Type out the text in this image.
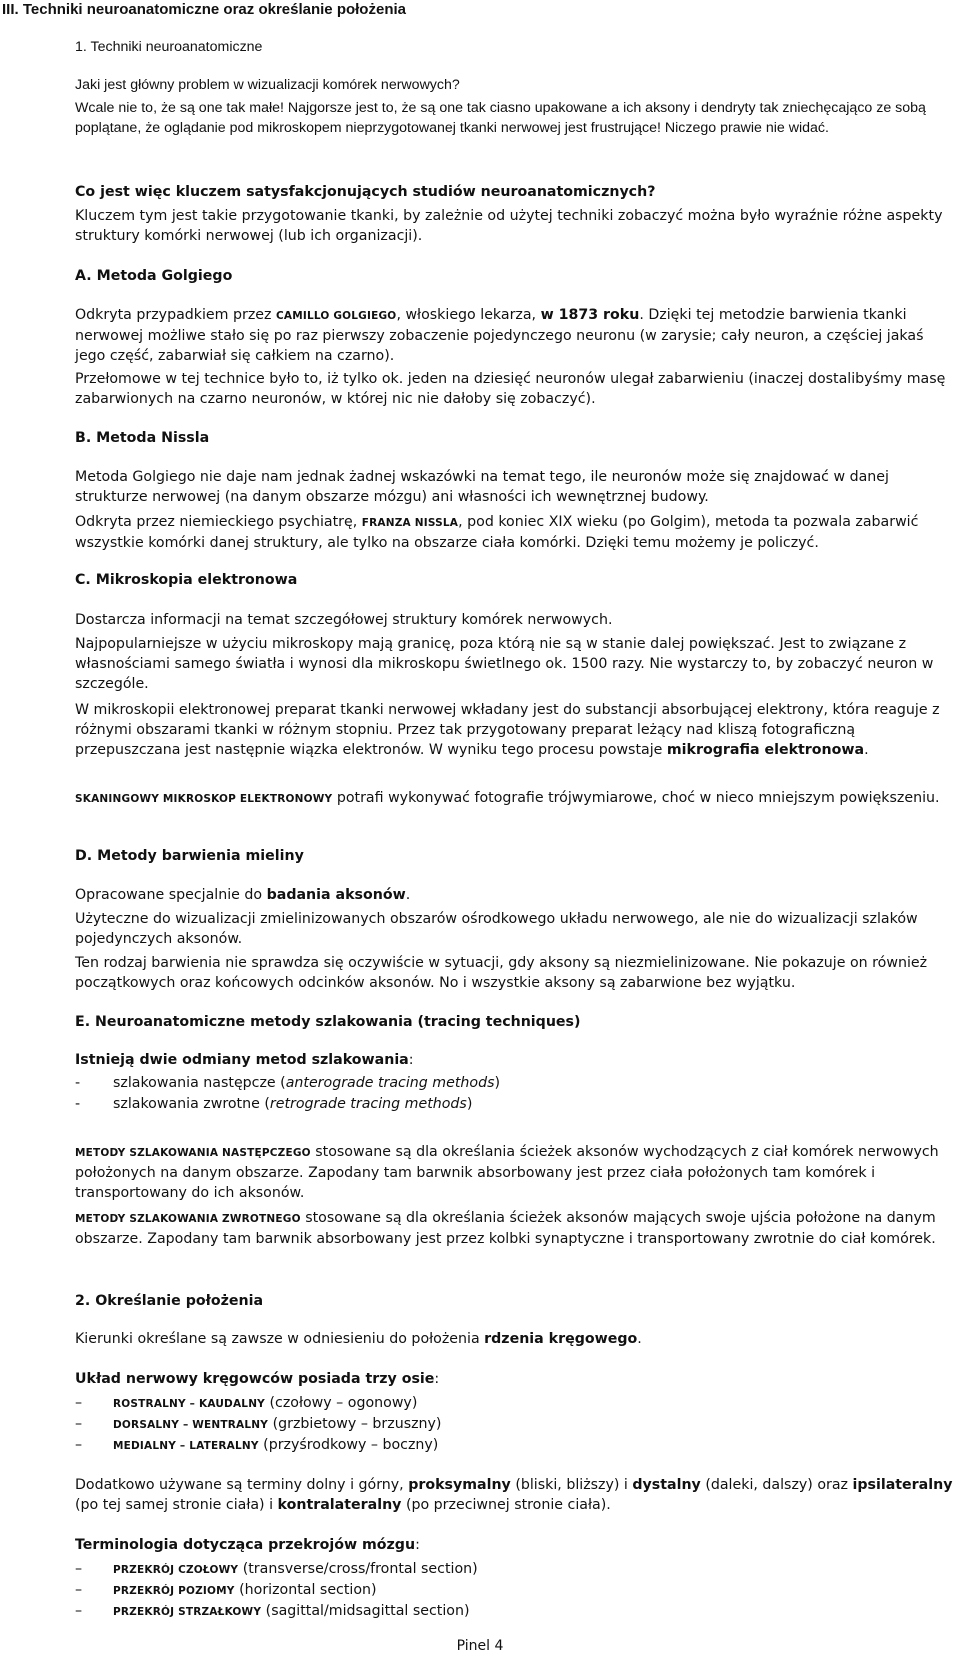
III. Techniki neuroanatomiczne oraz określanie położenia

1. Techniki neuroanatomiczne

Jaki jest główny problem w wizualizacji komórek nerwowych?

Wcale nie to, że są one tak małe! Najgorsze jest to, że są one tak ciasno upakowane a ich aksony i dendryty tak zniechęcająco ze sobą poplątane, że oglądanie pod mikroskopem nieprzygotowanej tkanki nerwowej jest frustrujące! Niczego prawie nie widać.

Co jest więc kluczem satysfakcjonujących studiów neuroanatomicznych?

Kluczem tym jest takie przygotowanie tkanki, by zależnie od użytej techniki zobaczyć można było wyraźnie różne aspekty struktury komórki nerwowej (lub ich organizacji).

A. Metoda Golgiego

Odkryta przypadkiem przez CAMILLO GOLGIEGO, włoskiego lekarza, w 1873 roku. Dzięki tej metodzie barwienia tkanki nerwowej możliwe stało się po raz pierwszy zobaczenie pojedynczego neuronu (w zarysie; cały neuron, a częściej jakaś jego część, zabarwiał się całkiem na czarno).

Przełomowe w tej technice było to, iż tylko ok. jeden na dziesięć neuronów ulegał zabarwieniu (inaczej dostalibyśmy masę zabarwionych na czarno neuronów, w której nic nie dałoby się zobaczyć).

B. Metoda Nissla

Metoda Golgiego nie daje nam jednak żadnej wskazówki na temat tego, ile neuronów może się znajdować w danej strukturze nerwowej (na danym obszarze mózgu) ani własności ich wewnętrznej budowy.

Odkryta przez niemieckiego psychiatrę, FRANZA NISSLA, pod koniec XIX wieku (po Golgim), metoda ta pozwala zabarwić wszystkie komórki danej struktury, ale tylko na obszarze ciała komórki. Dzięki temu możemy je policzyć.

C. Mikroskopia elektronowa

Dostarcza informacji na temat szczegółowej struktury komórek nerwowych.

Najpopularniejsze w użyciu mikroskopy mają granicę, poza którą nie są w stanie dalej powiększać. Jest to związane z własnościami samego światła i wynosi dla mikroskopu świetlnego ok. 1500 razy. Nie wystarczy to, by zobaczyć neuron w szczególe.

W mikroskopii elektronowej preparat tkanki nerwowej wkładany jest do substancji absorbującej elektrony, która reaguje z różnymi obszarami tkanki w różnym stopniu. Przez tak przygotowany preparat leżący nad kliszą fotograficzną przepuszczana jest następnie wiązka elektronów. W wyniku tego procesu powstaje mikrografia elektronowa.

SKANINGOWY MIKROSKOP ELEKTRONOWY potrafi wykonywać fotografie trójwymiarowe, choć w nieco mniejszym powiększeniu.

D. Metody barwienia mieliny

Opracowane specjalnie do badania aksonów.

Użyteczne do wizualizacji zmielinizowanych obszarów ośrodkowego układu nerwowego, ale nie do wizualizacji szlaków pojedynczych aksonów.

Ten rodzaj barwienia nie sprawdza się oczywiście w sytuacji, gdy aksony są niezmielinizowane. Nie pokazuje on również początkowych oraz końcowych odcinków aksonów. No i wszystkie aksony są zabarwione bez wyjątku.

E. Neuroanatomiczne metody szlakowania (tracing techniques)

Istnieją dwie odmiany metod szlakowania:

- szlakowania następcze (anterograde tracing methods)

- szlakowania zwrotne (retrograde tracing methods)

METODY SZLAKOWANIA NASTĘPCZEGO stosowane są dla określania ścieżek aksonów wychodzących z ciał komórek nerwowych położonych na danym obszarze. Zapodany tam barwnik absorbowany jest przez ciała położonych tam komórek i transportowany do ich aksonów.

METODY SZLAKOWANIA ZWROTNEGO stosowane są dla określania ścieżek aksonów mających swoje ujścia położone na danym obszarze. Zapodany tam barwnik absorbowany jest przez kolbki synaptyczne i transportowany zwrotnie do ciał komórek.

2. Określanie położenia

Kierunki określane są zawsze w odniesieniu do położenia rdzenia kręgowego.

Układ nerwowy kręgowców posiada trzy osie:

–	ROSTRALNY – KAUDALNY (czołowy – ogonowy)

–	DORSALNY – WENTRALNY (grzbietowy – brzuszny)

–	MEDIALNY – LATERALNY (przyśrodkowy – boczny)

Dodatkowo używane są terminy dolny i górny, proksymalny (bliski, bliższy) i dystalny (daleki, dalszy) oraz ipsilateralny (po tej samej stronie ciała) i kontralateralny (po przeciwnej stronie ciała).

Terminologia dotycząca przekrojów mózgu:

–	PRZEKRÓJ CZOŁOWY (transverse/cross/frontal section)

–	PRZEKRÓJ POZIOMY (horizontal section)

–	PRZEKRÓJ STRZAŁKOWY (sagittal/midsagittal section)

Pinel 4
